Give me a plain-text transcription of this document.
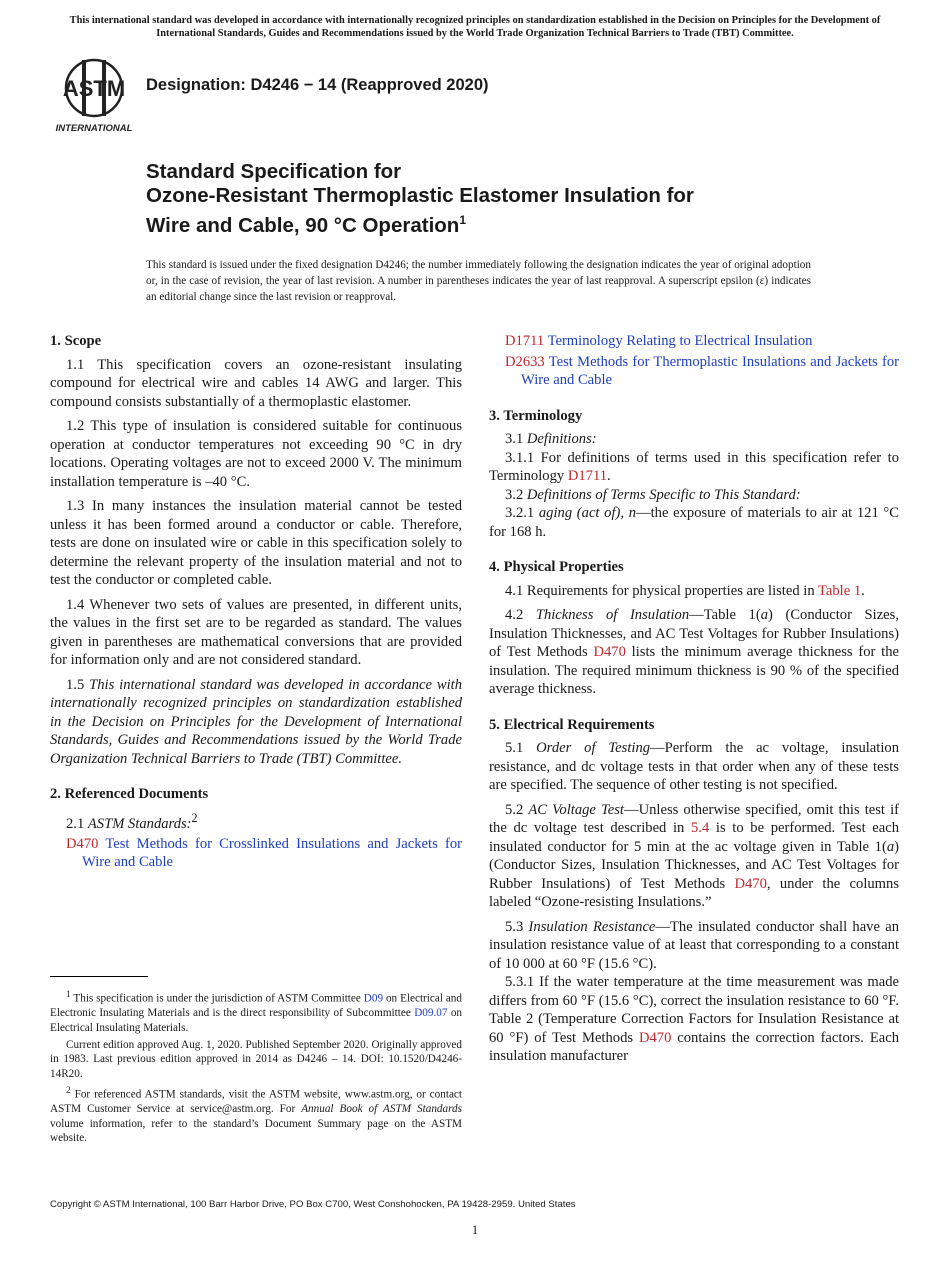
This international standard was developed in accordance with internationally recognized principles on standardization established in the Decision on Principles for the Development of International Standards, Guides and Recommendations issued by the World Trade Organization Technical Barriers to Trade (TBT) Committee.
ASTM
INTERNATIONAL
Designation: D4246 − 14 (Reapproved 2020)
Standard Specification for
Ozone-Resistant Thermoplastic Elastomer Insulation for
Wire and Cable, 90 °C Operation$^1$
This standard is issued under the fixed designation D4246; the number immediately following the designation indicates the year of original adoption or, in the case of revision, the year of last revision. A number in parentheses indicates the year of last reapproval. A superscript epsilon (ε) indicates an editorial change since the last revision or reapproval.
1. Scope

1.1 This specification covers an ozone-resistant insulating compound for electrical wire and cables 14 AWG and larger. This compound consists substantially of a thermoplastic elastomer.

1.2 This type of insulation is considered suitable for continuous operation at conductor temperatures not exceeding 90 °C in dry locations. Operating voltages are not to exceed 2000 V. The minimum installation temperature is –40 °C.

1.3 In many instances the insulation material cannot be tested unless it has been formed around a conductor or cable. Therefore, tests are done on insulated wire or cable in this specification solely to determine the relevant property of the insulation material and not to test the conductor or completed cable.

1.4 Whenever two sets of values are presented, in different units, the values in the first set are to be regarded as standard. The values given in parentheses are mathematical conversions that are provided for information only and are not considered standard.

1.5 This international standard was developed in accordance with internationally recognized principles on standardization established in the Decision on Principles for the Development of International Standards, Guides and Recommendations issued by the World Trade Organization Technical Barriers to Trade (TBT) Committee.

2. Referenced Documents

2.1 ASTM Standards:$^2$

D470 Test Methods for Crosslinked Insulations and Jackets for Wire and Cable

$^1$ This specification is under the jurisdiction of ASTM Committee D09 on Electrical and Electronic Insulating Materials and is the direct responsibility of Subcommittee D09.07 on Electrical Insulating Materials.

Current edition approved Aug. 1, 2020. Published September 2020. Originally approved in 1983. Last previous edition approved in 2014 as D4246 – 14. DOI: 10.1520/D4246-14R20.

$^2$ For referenced ASTM standards, visit the ASTM website, www.astm.org, or contact ASTM Customer Service at service@astm.org. For Annual Book of ASTM Standards volume information, refer to the standard’s Document Summary page on the ASTM website.

D1711 Terminology Relating to Electrical Insulation

D2633 Test Methods for Thermoplastic Insulations and Jackets for Wire and Cable

3. Terminology

3.1 Definitions:

3.1.1 For definitions of terms used in this specification refer to Terminology D1711.

3.2 Definitions of Terms Specific to This Standard:

3.2.1 aging (act of), n—the exposure of materials to air at 121 °C for 168 h.

4. Physical Properties

4.1 Requirements for physical properties are listed in Table 1.

4.2 Thickness of Insulation—Table 1(a) (Conductor Sizes, Insulation Thicknesses, and AC Test Voltages for Rubber Insulations) of Test Methods D470 lists the minimum average thickness for the insulation. The required minimum thickness is 90 % of the specified average thickness.

5. Electrical Requirements

5.1 Order of Testing—Perform the ac voltage, insulation resistance, and dc voltage tests in that order when any of these tests are specified. The sequence of other testing is not specified.

5.2 AC Voltage Test—Unless otherwise specified, omit this test if the dc voltage test described in 5.4 is to be performed. Test each insulated conductor for 5 min at the ac voltage given in Table 1(a) (Conductor Sizes, Insulation Thicknesses, and AC Test Voltages for Rubber Insulations) of Test Methods D470, under the columns labeled “Ozone-resisting Insulations.”

5.3 Insulation Resistance—The insulated conductor shall have an insulation resistance value of at least that corresponding to a constant of 10 000 at 60 °F (15.6 °C).

5.3.1 If the water temperature at the time measurement was made differs from 60 °F (15.6 °C), correct the insulation resistance to 60 °F. Table 2 (Temperature Correction Factors for Insulation Resistance at 60 °F) of Test Methods D470 contains the correction factors. Each insulation manufacturer

Copyright © ASTM International, 100 Barr Harbor Drive, PO Box C700, West Conshohocken, PA 19428-2959. United States
1
